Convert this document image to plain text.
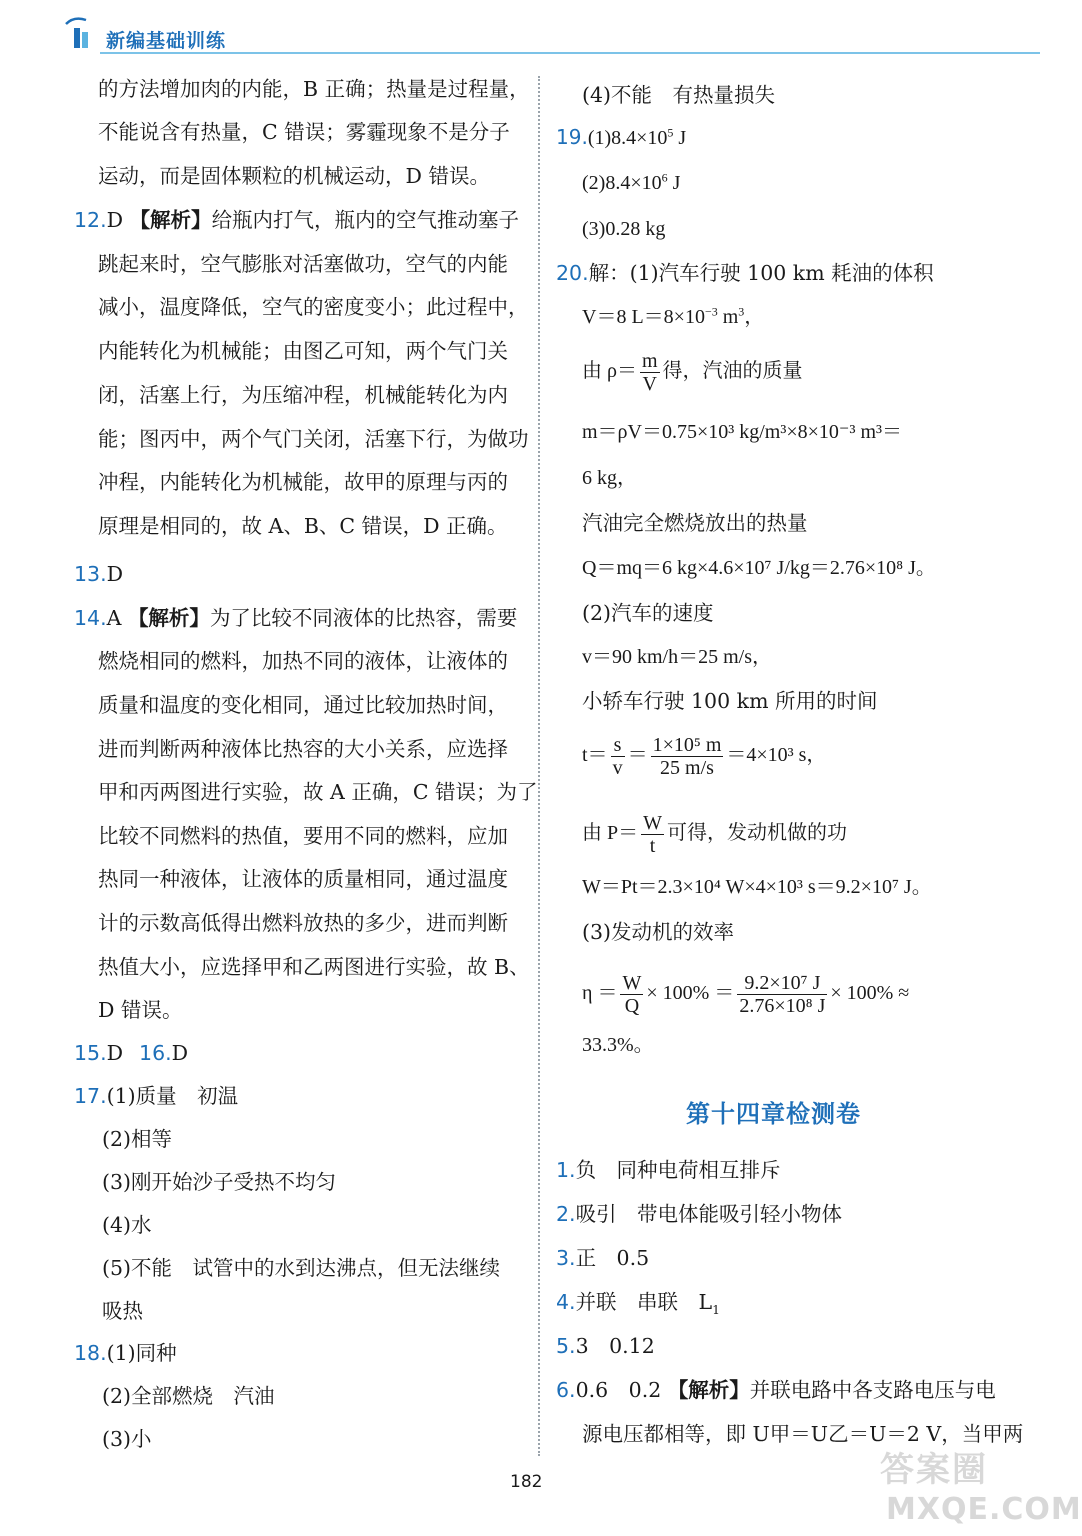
新编基础训练
的方法增加肉的内能，B 正确；热量是过程量，
不能说含有热量，C 错误；雾霾现象不是分子
运动，而是固体颗粒的机械运动，D 错误。
12.D 【解析】给瓶内打气，瓶内的空气推动塞子
跳起来时，空气膨胀对活塞做功，空气的内能
减小，温度降低，空气的密度变小；此过程中，
内能转化为机械能；由图乙可知，两个气门关
闭，活塞上行，为压缩冲程，机械能转化为内
能；图丙中，两个气门关闭，活塞下行，为做功
冲程，内能转化为机械能，故甲的原理与丙的
原理是相同的，故 A、B、C 错误，D 正确。
13.D
14.A 【解析】为了比较不同液体的比热容，需要
燃烧相同的燃料，加热不同的液体，让液体的
质量和温度的变化相同，通过比较加热时间，
进而判断两种液体比热容的大小关系，应选择
甲和丙两图进行实验，故 A 正确，C 错误；为了
比较不同燃料的热值，要用不同的燃料，应加
热同一种液体，让液体的质量相同，通过温度
计的示数高低得出燃料放热的多少，进而判断
热值大小，应选择甲和乙两图进行实验，故 B、
D 错误。
15.D 16.D
17.(1)质量　初温
(2)相等
(3)刚开始沙子受热不均匀
(4)水
(5)不能　试管中的水到达沸点，但无法继续
吸热
18.(1)同种
(2)全部燃烧　汽油
(3)小
(4)不能　有热量损失
$19.(1)8.4\times 10^5$ J
$(2)8.4\times 10^6$ J
(3)0.28 kg
20.解：(1)汽车行驶 100 km 耗油的体积
V＝8 $L=8\times 10^{-3}$ $m^3$，
由 $\rho= \frac{m}{V}$ 得，汽油的质量
m＝ρV＝0.75×10³ kg/m³×8×10⁻³ m³＝
6 kg，
汽油完全燃烧放出的热量
Q＝mq＝6 kg×4.6×10⁷ J/kg＝2.76×10⁸ J。
(2)汽车的速度
v＝90 km/h＝25 m/s，
小轿车行驶 100 km 所用的时间
$t= \frac{s}{v} = \frac{\text{1×10⁵ m}}{25 m/s} =4\times 10^3$ s，
由 $P= \frac{W}{t}$ 可得，发动机做的功
W＝Pt＝2.3×10⁴ W×4×10³ s＝9.2×10⁷ J。
(3)发动机的效率
$\eta = \frac{W}{Q} \times 100\% = \frac{\text{9.2×10⁷ J}}{\text{2.76×10⁸ J}} \times 100\%$ ≈
33.3%。
第十四章检测卷
1.负　同种电荷相互排斥
2.吸引　带电体能吸引轻小物体
3.正　0.5
4.并联　串联　$L_1$
5.3　0.12
6.0.6　0.2 【解析】并联电路中各支路电压与电
源电压都相等，即 U甲＝U乙＝U＝2 V，当甲两
182	答案圈
MXQE.COM
